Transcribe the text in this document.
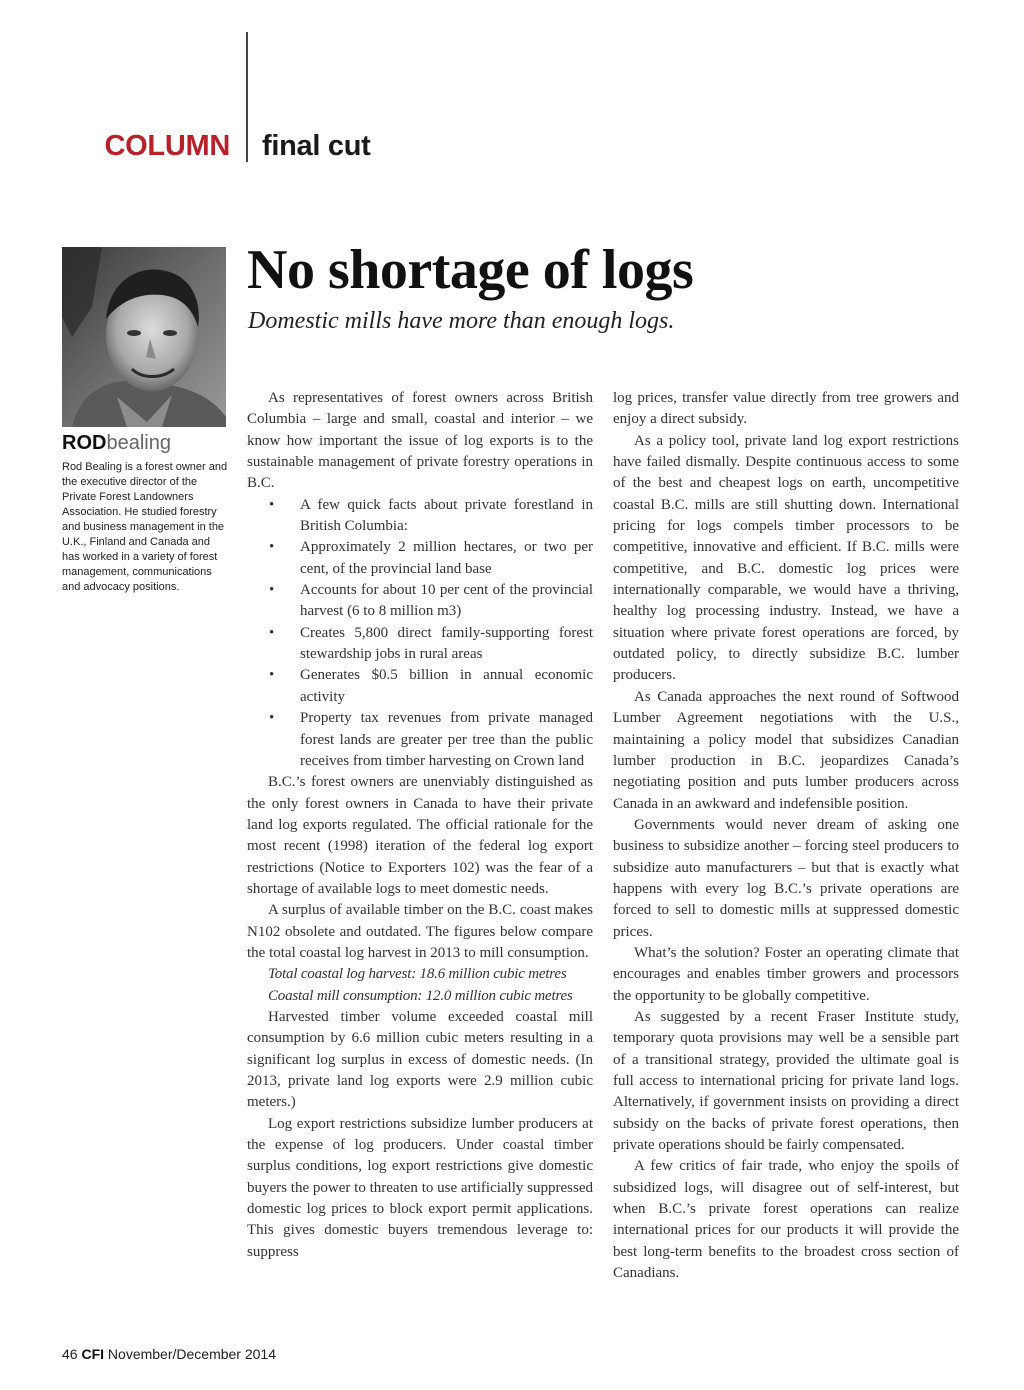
COLUMN final cut
RODbealing
Rod Bealing is a forest owner and the executive director of the Private Forest Landowners Association. He studied forestry and business management in the U.K., Finland and Canada and has worked in a variety of forest management, communications and advocacy positions.
No shortage of logs
Domestic mills have more than enough logs.

As representatives of forest owners across British Columbia – large and small, coastal and interior – we know how important the issue of log exports is to the sustainable management of private forestry operations in B.C.

• A few quick facts about private forestland in British Columbia:
• Approximately 2 million hectares, or two per cent, of the provincial land base
• Accounts for about 10 per cent of the provincial harvest (6 to 8 million m3)
• Creates 5,800 direct family-supporting forest stewardship jobs in rural areas
• Generates $0.5 billion in annual economic activity
• Property tax revenues from private managed forest lands are greater per tree than the public receives from timber harvesting on Crown land

B.C.’s forest owners are unenviably distinguished as the only forest owners in Canada to have their private land log exports regulated. The official rationale for the most recent (1998) iteration of the federal log export restrictions (Notice to Exporters 102) was the fear of a shortage of available logs to meet domestic needs.

A surplus of available timber on the B.C. coast makes N102 obsolete and outdated. The figures below compare the total coastal log harvest in 2013 to mill consumption.

Total coastal log harvest: 18.6 million cubic metres

Coastal mill consumption: 12.0 million cubic metres

Harvested timber volume exceeded coastal mill consumption by 6.6 million cubic meters resulting in a significant log surplus in excess of domestic needs. (In 2013, private land log exports were 2.9 million cubic meters.)

Log export restrictions subsidize lumber producers at the expense of log producers. Under coastal timber surplus conditions, log export restrictions give domestic buyers the power to threaten to use artificially suppressed domestic log prices to block export permit applications. This gives domestic buyers tremendous leverage to: suppress

log prices, transfer value directly from tree growers and enjoy a direct subsidy.

As a policy tool, private land log export restrictions have failed dismally. Despite continuous access to some of the best and cheapest logs on earth, uncompetitive coastal B.C. mills are still shutting down. International pricing for logs compels timber processors to be competitive, innovative and efficient. If B.C. mills were competitive, and B.C. domestic log prices were internationally comparable, we would have a thriving, healthy log processing industry. Instead, we have a situation where private forest operations are forced, by outdated policy, to directly subsidize B.C. lumber producers.

As Canada approaches the next round of Softwood Lumber Agreement negotiations with the U.S., maintaining a policy model that subsidizes Canadian lumber production in B.C. jeopardizes Canada’s negotiating position and puts lumber producers across Canada in an awkward and indefensible position.

Governments would never dream of asking one business to subsidize another – forcing steel producers to subsidize auto manufacturers – but that is exactly what happens with every log B.C.’s private operations are forced to sell to domestic mills at suppressed domestic prices.

What’s the solution? Foster an operating climate that encourages and enables timber growers and processors the opportunity to be globally competitive.

As suggested by a recent Fraser Institute study, temporary quota provisions may well be a sensible part of a transitional strategy, provided the ultimate goal is full access to international pricing for private land logs. Alternatively, if government insists on providing a direct subsidy on the backs of private forest operations, then private operations should be fairly compensated.

A few critics of fair trade, who enjoy the spoils of subsidized logs, will disagree out of self-interest, but when B.C.’s private forest operations can realize international prices for our products it will provide the best long-term benefits to the broadest cross section of Canadians.

46 CFI November/December 2014
